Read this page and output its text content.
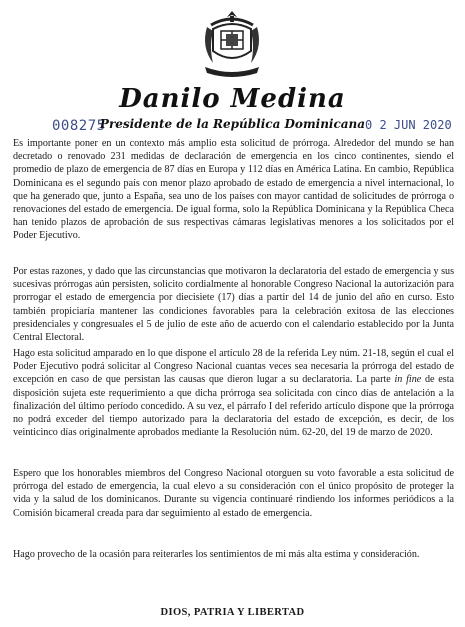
Danilo Medina
008275
Presidente de la República Dominicana 0 2 JUN 2020

Es importante poner en un contexto más amplio esta solicitud de prórroga. Alrededor del mundo se han decretado o renovado 231 medidas de declaración de emergencia en los cinco continentes, siendo el promedio de plazo de emergencia de 87 días en Europa y 112 días en América Latina. En cambio, República Dominicana es el segundo país con menor plazo aprobado de estado de emergencia a nivel internacional, lo que ha generado que, junto a España, sea uno de los países con mayor cantidad de solicitudes de prórroga o renovaciones del estado de emergencia. De igual forma, solo la República Dominicana y la República Checa han tenido plazos de aprobación de sus respectivas cámaras legislativas menores a los solicitados por el Poder Ejecutivo.

Por estas razones, y dado que las circunstancias que motivaron la declaratoria del estado de emergencia y sus sucesivas prórrogas aún persisten, solicito cordialmente al honorable Congreso Nacional la autorización para prorrogar el estado de emergencia por diecisiete (17) días a partir del 14 de junio del año en curso. Esto también propiciaría mantener las condiciones favorables para la celebración exitosa de las elecciones presidenciales y congresuales el 5 de julio de este año de acuerdo con el calendario establecido por la Junta Central Electoral.

Hago esta solicitud amparado en lo que dispone el artículo 28 de la referida Ley núm. 21-18, según el cual el Poder Ejecutivo podrá solicitar al Congreso Nacional cuantas veces sea necesaria la prórroga del estado de excepción en caso de que persistan las causas que dieron lugar a su declaratoria. La parte in fine de esta disposición sujeta este requerimiento a que dicha prórroga sea solicitada con cinco días de antelación a la finalización del último período concedido. A su vez, el párrafo I del referido artículo dispone que la prórroga no podrá exceder del tiempo autorizado para la declaratoria del estado de excepción, es decir, de los veinticinco días originalmente aprobados mediante la Resolución núm. 62-20, del 19 de marzo de 2020.

Espero que los honorables miembros del Congreso Nacional otorguen su voto favorable a esta solicitud de prórroga del estado de emergencia, la cual elevo a su consideración con el único propósito de proteger la vida y la salud de los dominicanos. Durante su vigencia continuaré rindiendo los informes periódicos a la Comisión bicameral creada para dar seguimiento al estado de emergencia.

Hago provecho de la ocasión para reiterarles los sentimientos de mi más alta estima y consideración.

DIOS, PATRIA Y LIBERTAD
